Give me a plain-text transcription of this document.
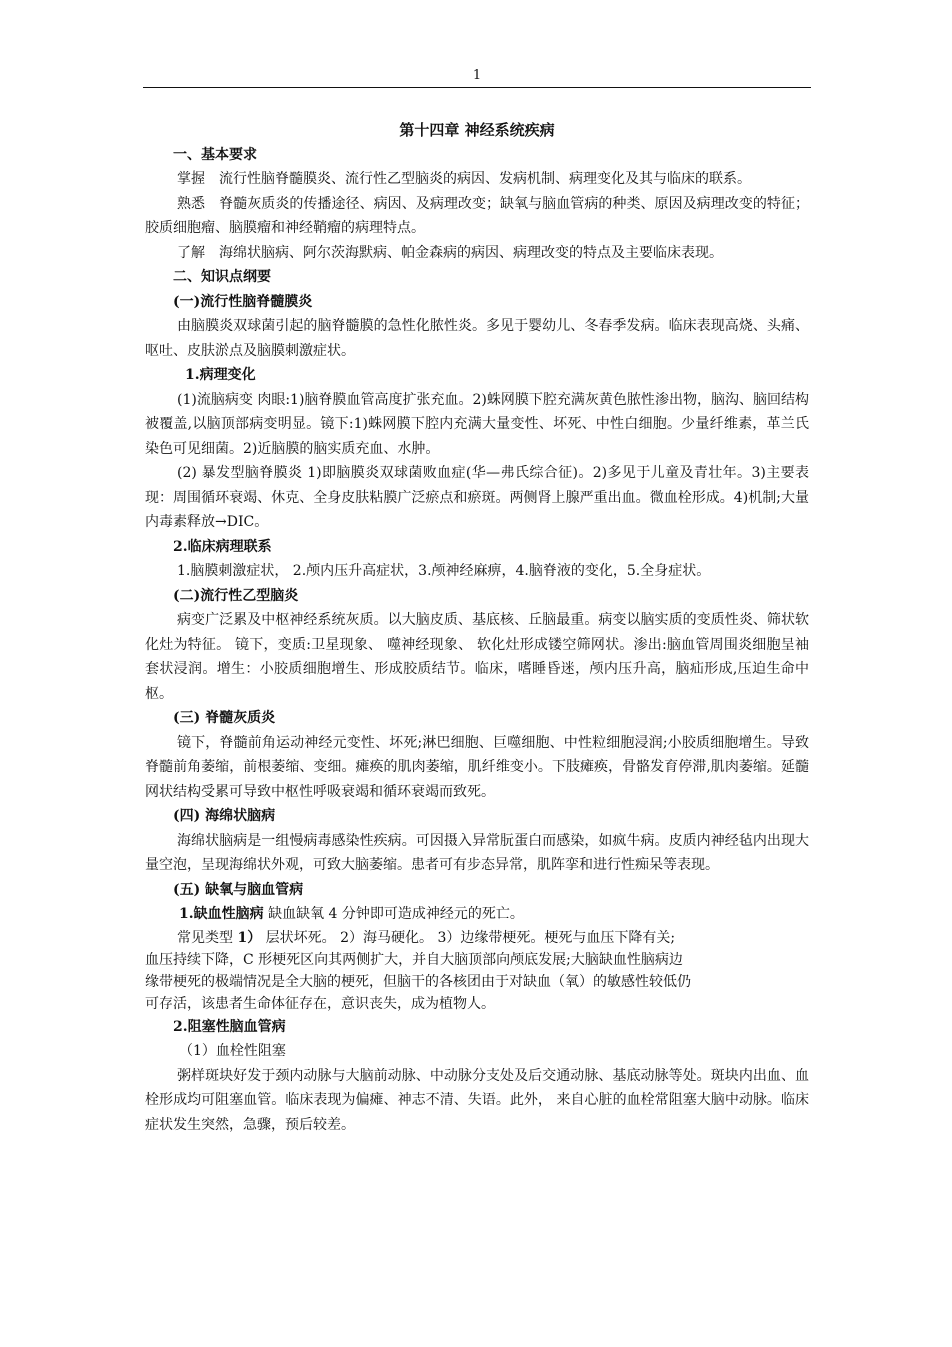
1

第十四章 神经系统疾病

一、基本要求

掌握　流行性脑脊髓膜炎、流行性乙型脑炎的病因、发病机制、病理变化及其与临床的联系。

熟悉　脊髓灰质炎的传播途径、病因、及病理改变；缺氧与脑血管病的种类、原因及病理改变的特征；胶质细胞瘤、脑膜瘤和神经鞘瘤的病理特点。

了解　海绵状脑病、阿尔茨海默病、帕金森病的病因、病理改变的特点及主要临床表现。

二、知识点纲要

(一)流行性脑脊髓膜炎

由脑膜炎双球菌引起的脑脊髓膜的急性化脓性炎。多见于婴幼儿、冬春季发病。临床表现高烧、头痛、呕吐、皮肤淤点及脑膜刺激症状。

1.病理变化

(1)流脑病变 肉眼:1)脑脊膜血管高度扩张充血。2)蛛网膜下腔充满灰黄色脓性渗出物，脑沟、脑回结构被覆盖,以脑顶部病变明显。镜下:1)蛛网膜下腔内充满大量变性、坏死、中性白细胞。少量纤维素，革兰氏染色可见细菌。2)近脑膜的脑实质充血、水肿。

(2) 暴发型脑脊膜炎 1)即脑膜炎双球菌败血症(华—弗氏综合征)。2)多见于儿童及青壮年。3)主要表现：周围循环衰竭、休克、全身皮肤粘膜广泛瘀点和瘀斑。两侧肾上腺严重出血。微血栓形成。4)机制;大量内毒素释放→DIC。

2.临床病理联系

1.脑膜刺激症状， 2.颅内压升高症状，3.颅神经麻痹，4.脑脊液的变化，5.全身症状。

(二)流行性乙型脑炎

病变广泛累及中枢神经系统灰质。以大脑皮质、基底核、丘脑最重。病变以脑实质的变质性炎、筛状软化灶为特征。 镜下，变质:卫星现象、 噬神经现象、 软化灶形成镂空筛网状。渗出:脑血管周围炎细胞呈袖套状浸润。增生：小胶质细胞增生、形成胶质结节。临床，嗜睡昏迷，颅内压升高，脑疝形成,压迫生命中枢。

(三) 脊髓灰质炎

镜下，脊髓前角运动神经元变性、坏死;淋巴细胞、巨噬细胞、中性粒细胞浸润;小胶质细胞增生。导致脊髓前角萎缩，前根萎缩、变细。瘫痪的肌肉萎缩，肌纤维变小。下肢瘫痪，骨骼发育停滞,肌肉萎缩。延髓网状结构受累可导致中枢性呼吸衰竭和循环衰竭而致死。

(四) 海绵状脑病

海绵状脑病是一组慢病毒感染性疾病。可因摄入异常朊蛋白而感染，如疯牛病。皮质内神经毡内出现大量空泡，呈现海绵状外观，可致大脑萎缩。患者可有步态异常，肌阵挛和进行性痴呆等表现。

(五) 缺氧与脑血管病

1.缺血性脑病 缺血缺氧 4 分钟即可造成神经元的死亡。

常见类型 1） 层状坏死。 2）海马硬化。 3）边缘带梗死。梗死与血压下降有关;

血压持续下降，C 形梗死区向其两侧扩大，并自大脑顶部向颅底发展;大脑缺血性脑病边

缘带梗死的极端情况是全大脑的梗死，但脑干的各核团由于对缺血（氧）的敏感性较低仍

可存活，该患者生命体征存在，意识丧失，成为植物人。

2.阻塞性脑血管病

（1）血栓性阻塞

粥样斑块好发于颈内动脉与大脑前动脉、中动脉分支处及后交通动脉、基底动脉等处。斑块内出血、血栓形成均可阻塞血管。临床表现为偏瘫、神志不清、失语。此外， 来自心脏的血栓常阻塞大脑中动脉。临床症状发生突然，急骤，预后较差。
